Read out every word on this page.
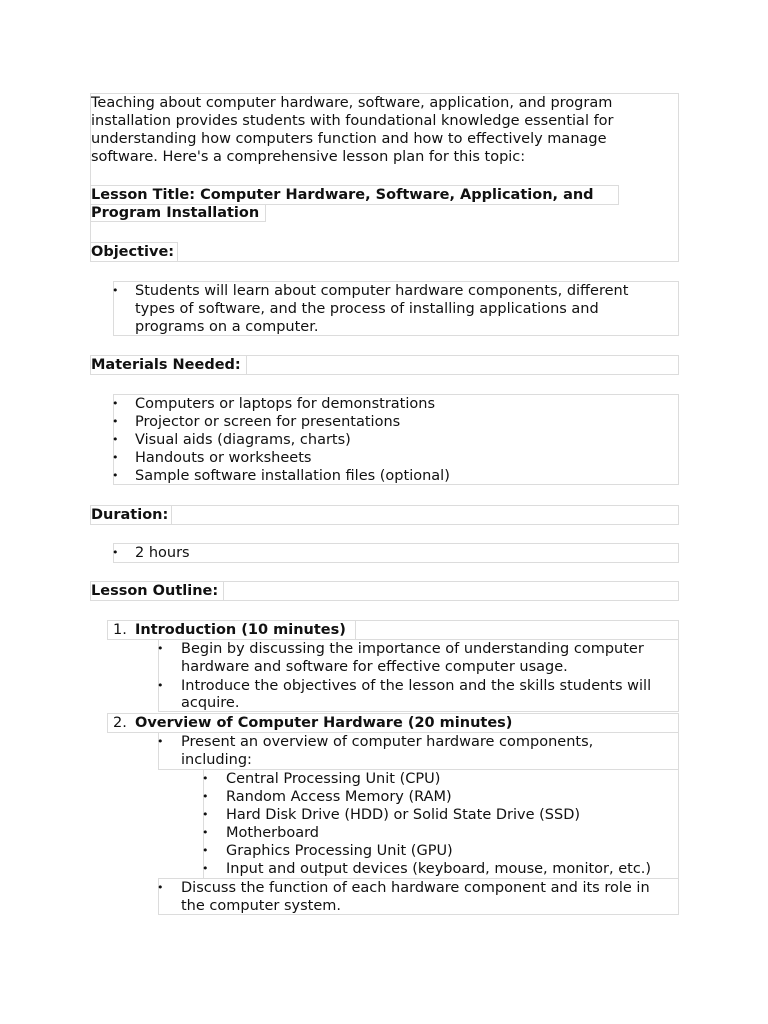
Teaching about computer hardware, software, application, and program
installation provides students with foundational knowledge essential for
understanding how computers function and how to effectively manage
software. Here's a comprehensive lesson plan for this topic:
Lesson Title: Computer Hardware, Software, Application, and
Program Installation
Objective:
• Students will learn about computer hardware components, different
types of software, and the process of installing applications and
programs on a computer.
Materials Needed:
• Computers or laptops for demonstrations
• Projector or screen for presentations
• Visual aids (diagrams, charts)
• Handouts or worksheets
• Sample software installation files (optional)
Duration:
• 2 hours
Lesson Outline:
1. Introduction (10 minutes)
• Begin by discussing the importance of understanding computer
hardware and software for effective computer usage.
• Introduce the objectives of the lesson and the skills students will
acquire.
2. Overview of Computer Hardware (20 minutes)
• Present an overview of computer hardware components,
including:
• Central Processing Unit (CPU)
• Random Access Memory (RAM)
• Hard Disk Drive (HDD) or Solid State Drive (SSD)
• Motherboard
• Graphics Processing Unit (GPU)
• Input and output devices (keyboard, mouse, monitor, etc.)
• Discuss the function of each hardware component and its role in
the computer system.
